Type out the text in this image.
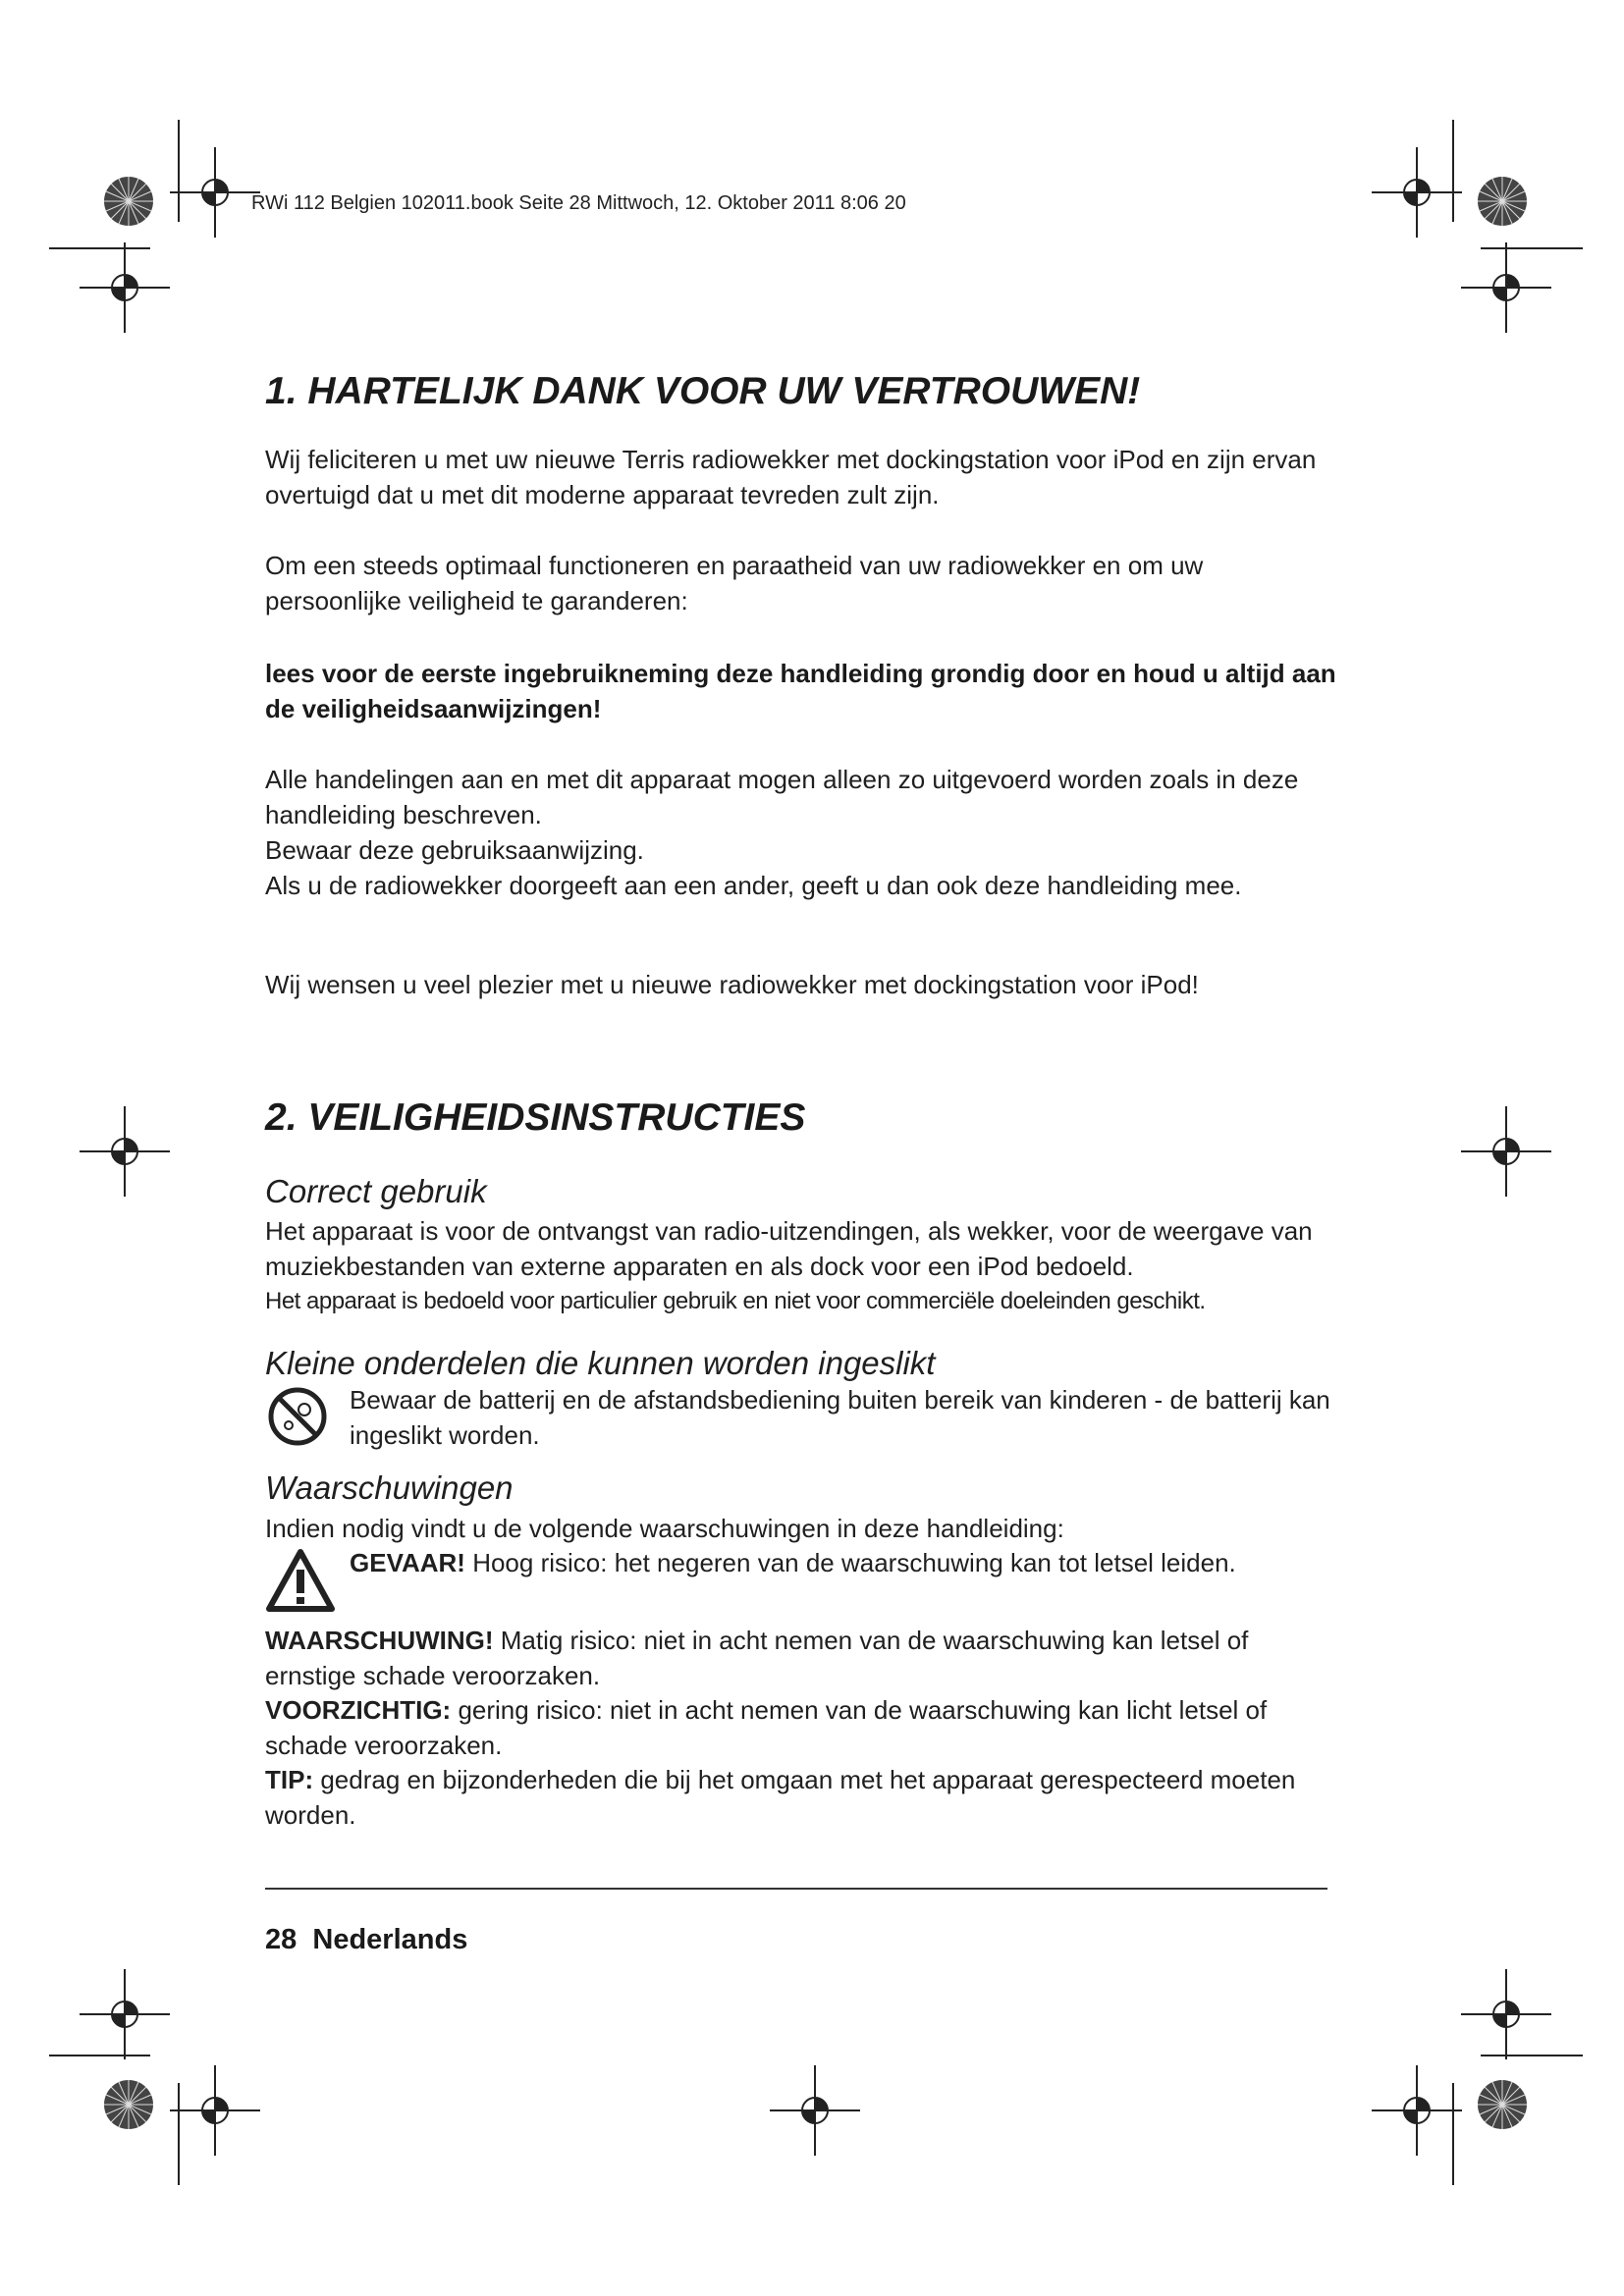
RWi 112 Belgien 102011.book Seite 28 Mittwoch, 12. Oktober 2011 8:06 20
1. HARTELIJK DANK VOOR UW VERTROUWEN!
Wij feliciteren u met uw nieuwe Terris radiowekker met dockingstation voor iPod en zijn ervan overtuigd dat u met dit moderne apparaat tevreden zult zijn.
Om een steeds optimaal functioneren en paraatheid van uw radiowekker en om uw persoonlijke veiligheid te garanderen:
lees voor de eerste ingebruikneming deze handleiding grondig door en houd u altijd aan de veiligheidsaanwijzingen!
Alle handelingen aan en met dit apparaat mogen alleen zo uitgevoerd worden zoals in deze handleiding beschreven.
Bewaar deze gebruiksaanwijzing.
Als u de radiowekker doorgeeft aan een ander, geeft u dan ook deze handleiding mee.
Wij wensen u veel plezier met u nieuwe radiowekker met dockingstation voor iPod!
2. VEILIGHEIDSINSTRUCTIES
Correct gebruik
Het apparaat is voor de ontvangst van radio-uitzendingen, als wekker, voor de weergave van muziekbestanden van externe apparaten en als dock voor een iPod bedoeld.
Het apparaat is bedoeld voor particulier gebruik en niet voor commerciële doeleinden geschikt.
Kleine onderdelen die kunnen worden ingeslikt
Bewaar de batterij en de afstandsbediening buiten bereik van kinderen - de batterij kan ingeslikt worden.
Waarschuwingen
Indien nodig vindt u de volgende waarschuwingen in deze handleiding:
GEVAAR! Hoog risico: het negeren van de waarschuwing kan tot letsel leiden.
WAARSCHUWING! Matig risico: niet in acht nemen van de waarschuwing kan letsel of ernstige schade veroorzaken.
VOORZICHTIG: gering risico: niet in acht nemen van de waarschuwing kan licht letsel of schade veroorzaken.
TIP: gedrag en bijzonderheden die bij het omgaan met het apparaat gerespecteerd moeten worden.
28 Nederlands
